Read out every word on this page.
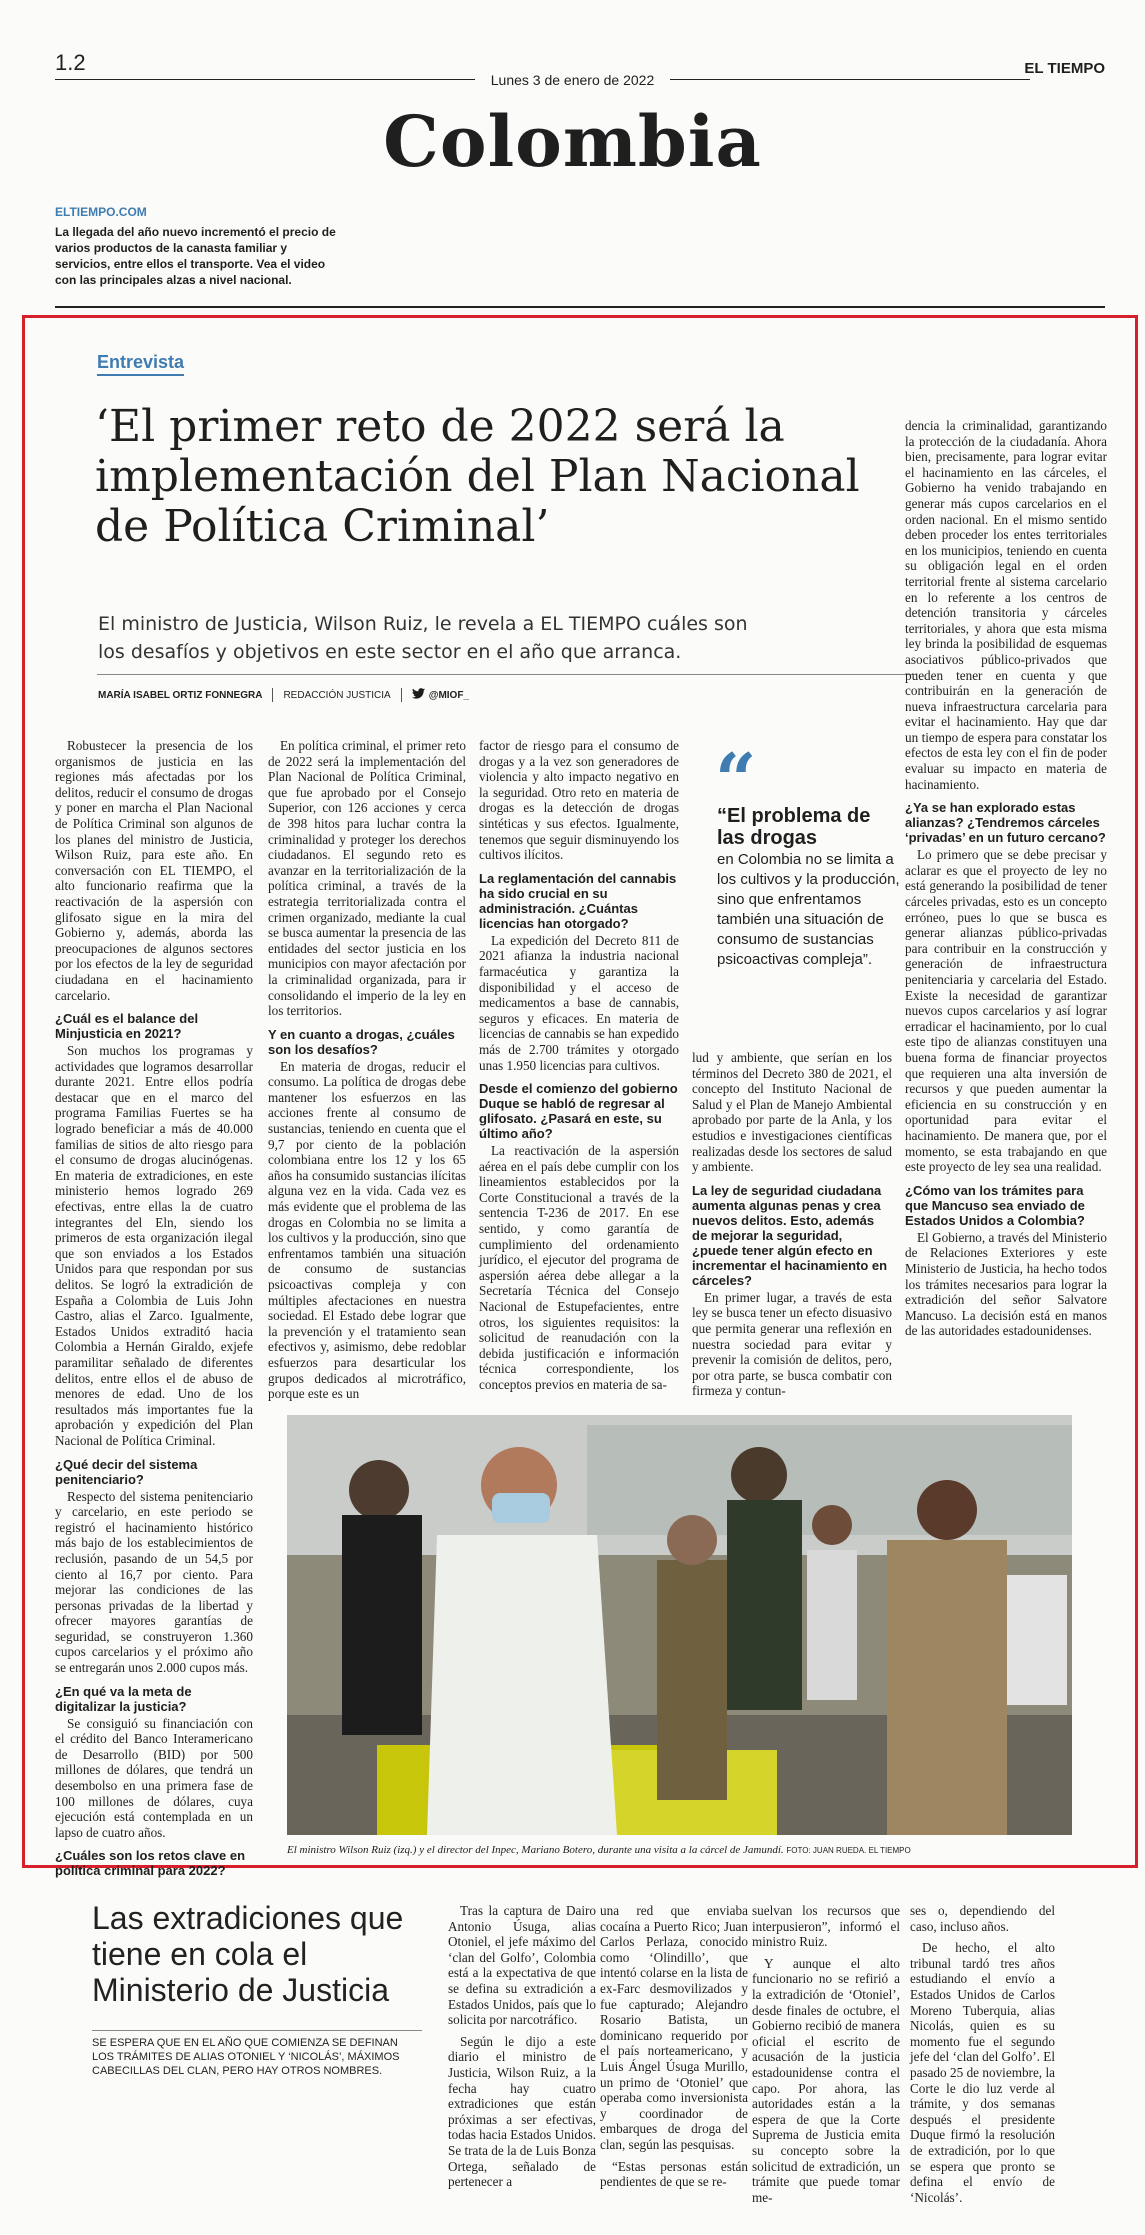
1.2
Lunes 3 de enero de 2022
EL TIEMPO
Colombia
ELTIEMPO.COM
La llegada del año nuevo incrementó el precio de varios productos de la canasta familiar y servicios, entre ellos el transporte. Vea el video con las principales alzas a nivel nacional.
Entrevista
‘El primer reto de 2022 será la implementación del Plan Nacional de Política Criminal’
El ministro de Justicia, Wilson Ruiz, le revela a EL TIEMPO cuáles son los desafíos y objetivos en este sector en el año que arranca.
MARÍA ISABEL ORTIZ FONNEGRA REDACCIÓN JUSTICIA	@MIOF_

Robustecer la presencia de los organismos de justicia en las regiones más afectadas por los delitos, reducir el consumo de drogas y poner en marcha el Plan Nacional de Política Criminal son algunos de los planes del ministro de Justicia, Wilson Ruiz, para este año. En conversación con EL TIEMPO, el alto funcionario reafirma que la reactivación de la aspersión con glifosato sigue en la mira del Gobierno y, además, aborda las preocupaciones de algunos sectores por los efectos de la ley de seguridad ciudadana en el hacinamiento carcelario.

¿Cuál es el balance del Minjusticia en 2021?

Son muchos los programas y actividades que logramos desarrollar durante 2021. Entre ellos podría destacar que en el marco del programa Familias Fuertes se ha logrado beneficiar a más de 40.000 familias de sitios de alto riesgo para el consumo de drogas alucinógenas. En materia de extradiciones, en este ministerio hemos logrado 269 efectivas, entre ellas la de cuatro integrantes del Eln, siendo los primeros de esta organización ilegal que son enviados a los Estados Unidos para que respondan por sus delitos. Se logró la extradición de España a Colombia de Luis John Castro, alias el Zarco. Igualmente, Estados Unidos extraditó hacia Colombia a Hernán Giraldo, exjefe paramilitar señalado de diferentes delitos, entre ellos el de abuso de menores de edad. Uno de los resultados más importantes fue la aprobación y expedición del Plan Nacional de Política Criminal.

¿Qué decir del sistema penitenciario?

Respecto del sistema penitenciario y carcelario, en este periodo se registró el hacinamiento histórico más bajo de los establecimientos de reclusión, pasando de un 54,5 por ciento al 16,7 por ciento. Para mejorar las condiciones de las personas privadas de la libertad y ofrecer mayores garantías de seguridad, se construyeron 1.360 cupos carcelarios y el próximo año se entregarán unos 2.000 cupos más.

¿En qué va la meta de digitalizar la justicia?

Se consiguió su financiación con el crédito del Banco Interamericano de Desarrollo (BID) por 500 millones de dólares, que tendrá un desembolso en una primera fase de 100 millones de dólares, cuya ejecución está contemplada en un lapso de cuatro años.

¿Cuáles son los retos clave en política criminal para 2022?

En política criminal, el primer reto de 2022 será la implementación del Plan Nacional de Política Criminal, que fue aprobado por el Consejo Superior, con 126 acciones y cerca de 398 hitos para luchar contra la criminalidad y proteger los derechos ciudadanos. El segundo reto es avanzar en la territorialización de la política criminal, a través de la estrategia territorializada contra el crimen organizado, mediante la cual se busca aumentar la presencia de las entidades del sector justicia en los municipios con mayor afectación por la criminalidad organizada, para ir consolidando el imperio de la ley en los territorios.

Y en cuanto a drogas, ¿cuáles son los desafíos?

En materia de drogas, reducir el consumo. La política de drogas debe mantener los esfuerzos en las acciones frente al consumo de sustancias, teniendo en cuenta que el 9,7 por ciento de la población colombiana entre los 12 y los 65 años ha consumido sustancias ilícitas alguna vez en la vida. Cada vez es más evidente que el problema de las drogas en Colombia no se limita a los cultivos y la producción, sino que enfrentamos también una situación de consumo de sustancias psicoactivas compleja y con múltiples afectaciones en nuestra sociedad. El Estado debe lograr que la prevención y el tratamiento sean efectivos y, asimismo, debe redoblar esfuerzos para desarticular los grupos dedicados al microtráfico, porque este es un

factor de riesgo para el consumo de drogas y a la vez son generadores de violencia y alto impacto negativo en la seguridad. Otro reto en materia de drogas es la detección de drogas sintéticas y sus efectos. Igualmente, tenemos que seguir disminuyendo los cultivos ilícitos.

La reglamentación del cannabis ha sido crucial en su administración. ¿Cuántas licencias han otorgado?

La expedición del Decreto 811 de 2021 afianza la industria nacional farmacéutica y garantiza la disponibilidad y el acceso de medicamentos a base de cannabis, seguros y eficaces. En materia de licencias de cannabis se han expedido más de 2.700 trámites y otorgado unas 1.950 licencias para cultivos.

Desde el comienzo del gobierno Duque se habló de regresar al glifosato. ¿Pasará en este, su último año?

La reactivación de la aspersión aérea en el país debe cumplir con los lineamientos establecidos por la Corte Constitucional a través de la sentencia T-236 de 2017. En ese sentido, y como garantía de cumplimiento del ordenamiento jurídico, el ejecutor del programa de aspersión aérea debe allegar a la Secretaría Técnica del Consejo Nacional de Estupefacientes, entre otros, los siguientes requisitos: la solicitud de reanudación con la debida justificación e información técnica correspondiente, los conceptos previos en materia de sa-

lud y ambiente, que serían en los términos del Decreto 380 de 2021, el concepto del Instituto Nacional de Salud y el Plan de Manejo Ambiental aprobado por parte de la Anla, y los estudios e investigaciones científicas realizadas desde los sectores de salud y ambiente.

La ley de seguridad ciudadana aumenta algunas penas y crea nuevos delitos. Esto, además de mejorar la seguridad, ¿puede tener algún efecto en incrementar el hacinamiento en cárceles?

En primer lugar, a través de esta ley se busca tener un efecto disuasivo que permita generar una reflexión en nuestra sociedad para evitar y prevenir la comisión de delitos, pero, por otra parte, se busca combatir con firmeza y contun-

dencia la criminalidad, garantizando la protección de la ciudadanía. Ahora bien, precisamente, para lograr evitar el hacinamiento en las cárceles, el Gobierno ha venido trabajando en generar más cupos carcelarios en el orden nacional. En el mismo sentido deben proceder los entes territoriales en los municipios, teniendo en cuenta su obligación legal en el orden territorial frente al sistema carcelario en lo referente a los centros de detención transitoria y cárceles territoriales, y ahora que esta misma ley brinda la posibilidad de esquemas asociativos público-privados que pueden tener en cuenta y que contribuirán en la generación de nueva infraestructura carcelaria para evitar el hacinamiento. Hay que dar un tiempo de espera para constatar los efectos de esta ley con el fin de poder evaluar su impacto en materia de hacinamiento.

¿Ya se han explorado estas alianzas? ¿Tendremos cárceles ‘privadas’ en un futuro cercano?

Lo primero que se debe precisar y aclarar es que el proyecto de ley no está generando la posibilidad de tener cárceles privadas, esto es un concepto erróneo, pues lo que se busca es generar alianzas público-privadas para contribuir en la construcción y generación de infraestructura penitenciaria y carcelaria del Estado. Existe la necesidad de garantizar nuevos cupos carcelarios y así lograr erradicar el hacinamiento, por lo cual este tipo de alianzas constituyen una buena forma de financiar proyectos que requieren una alta inversión de recursos y que pueden aumentar la eficiencia en su construcción y en oportunidad para evitar el hacinamiento. De manera que, por el momento, se esta trabajando en que este proyecto de ley sea una realidad.

¿Cómo van los trámites para que Mancuso sea enviado de Estados Unidos a Colombia?

El Gobierno, a través del Ministerio de Relaciones Exteriores y este Ministerio de Justicia, ha hecho todos los trámites necesarios para lograr la extradición del señor Salvatore Mancuso. La decisión está en manos de las autoridades estadounidenses.

“
“El problema de las drogas
en Colombia no se limita a los cultivos y la producción, sino que enfrentamos también una situación de consumo de sustancias psicoactivas compleja”.
El ministro Wilson Ruiz (izq.) y el director del Inpec, Mariano Botero, durante una visita a la cárcel de Jamundí. FOTO: JUAN RUEDA. EL TIEMPO
Las extradiciones que tiene en cola el Ministerio de Justicia
SE ESPERA QUE EN EL AÑO QUE COMIENZA SE DEFINAN LOS TRÁMITES DE ALIAS OTONIEL Y ‘NICOLÁS’, MÁXIMOS CABECILLAS DEL CLAN, PERO HAY OTROS NOMBRES.

Tras la captura de Dairo Antonio Úsuga, alias Otoniel, el jefe máximo del ‘clan del Golfo’, Colombia está a la expectativa de que se defina su extradición a Estados Unidos, país que lo solicita por narcotráfico.

Según le dijo a este diario el ministro de Justicia, Wilson Ruiz, a la fecha hay cuatro extradiciones que están próximas a ser efectivas, todas hacia Estados Unidos. Se trata de la de Luis Bonza Ortega, señalado de pertenecer a

una red que enviaba cocaína a Puerto Rico; Juan Carlos Perlaza, conocido como ‘Olindillo’, que intentó colarse en la lista de ex-Farc desmovilizados y fue capturado; Alejandro Rosario Batista, un dominicano requerido por el país norteamericano, y Luis Ángel Úsuga Murillo, un primo de ‘Otoniel’ que operaba como inversionista y coordinador de embarques de droga del clan, según las pesquisas.

“Estas personas están pendientes de que se re-

suelvan los recursos que interpusieron”, informó el ministro Ruiz.

Y aunque el alto funcionario no se refirió a la extradición de ‘Otoniel’, desde finales de octubre, el Gobierno recibió de manera oficial el escrito de acusación de la justicia estadounidense contra el capo. Por ahora, las autoridades están a la espera de que la Corte Suprema de Justicia emita su concepto sobre la solicitud de extradición, un trámite que puede tomar me-

ses o, dependiendo del caso, incluso años.

De hecho, el alto tribunal tardó tres años estudiando el envío a Estados Unidos de Carlos Moreno Tuberquia, alias Nicolás, quien es su momento fue el segundo jefe del ‘clan del Golfo’. El pasado 25 de noviembre, la Corte le dio luz verde al trámite, y dos semanas después el presidente Duque firmó la resolución de extradición, por lo que se espera que pronto se defina el envío de ‘Nicolás’.
